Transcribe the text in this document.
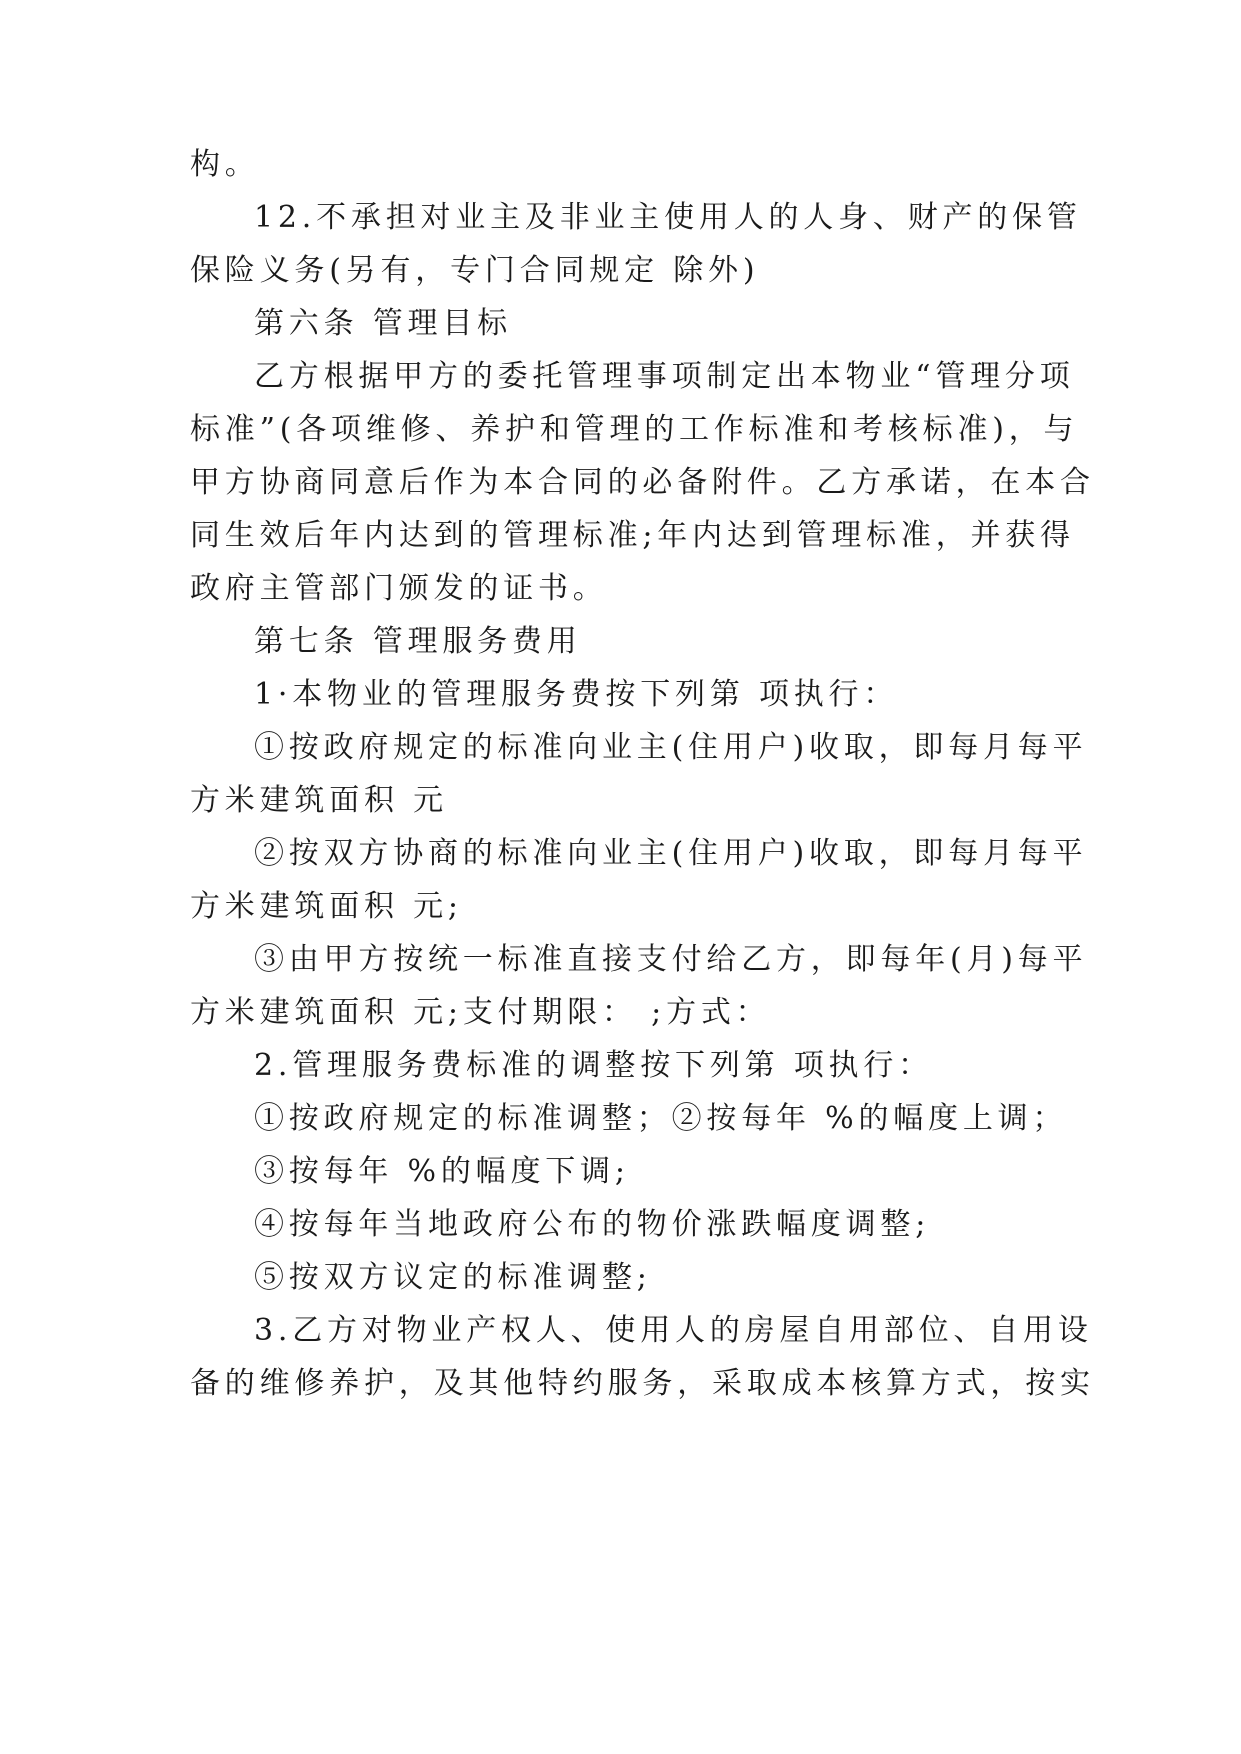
构。
12.不承担对业主及非业主使用人的人身、财产的保管
保险义务(另有，专门合同规定 除外)
第六条 管理目标
乙方根据甲方的委托管理事项制定出本物业“管理分项
标准”(各项维修、养护和管理的工作标准和考核标准)，与
甲方协商同意后作为本合同的必备附件。乙方承诺，在本合
同生效后年内达到的管理标准;年内达到管理标准，并获得
政府主管部门颁发的证书。
第七条 管理服务费用
1·本物业的管理服务费按下列第 项执行：
①按政府规定的标准向业主(住用户)收取，即每月每平
方米建筑面积 元
②按双方协商的标准向业主(住用户)收取，即每月每平
方米建筑面积 元;
③由甲方按统一标准直接支付给乙方，即每年(月)每平
方米建筑面积 元;支付期限： ;方式：
2.管理服务费标准的调整按下列第 项执行：
①按政府规定的标准调整；②按每年 %的幅度上调；
③按每年 %的幅度下调;
④按每年当地政府公布的物价涨跌幅度调整;
⑤按双方议定的标准调整;
3.乙方对物业产权人、使用人的房屋自用部位、自用设
备的维修养护，及其他特约服务，采取成本核算方式，按实
